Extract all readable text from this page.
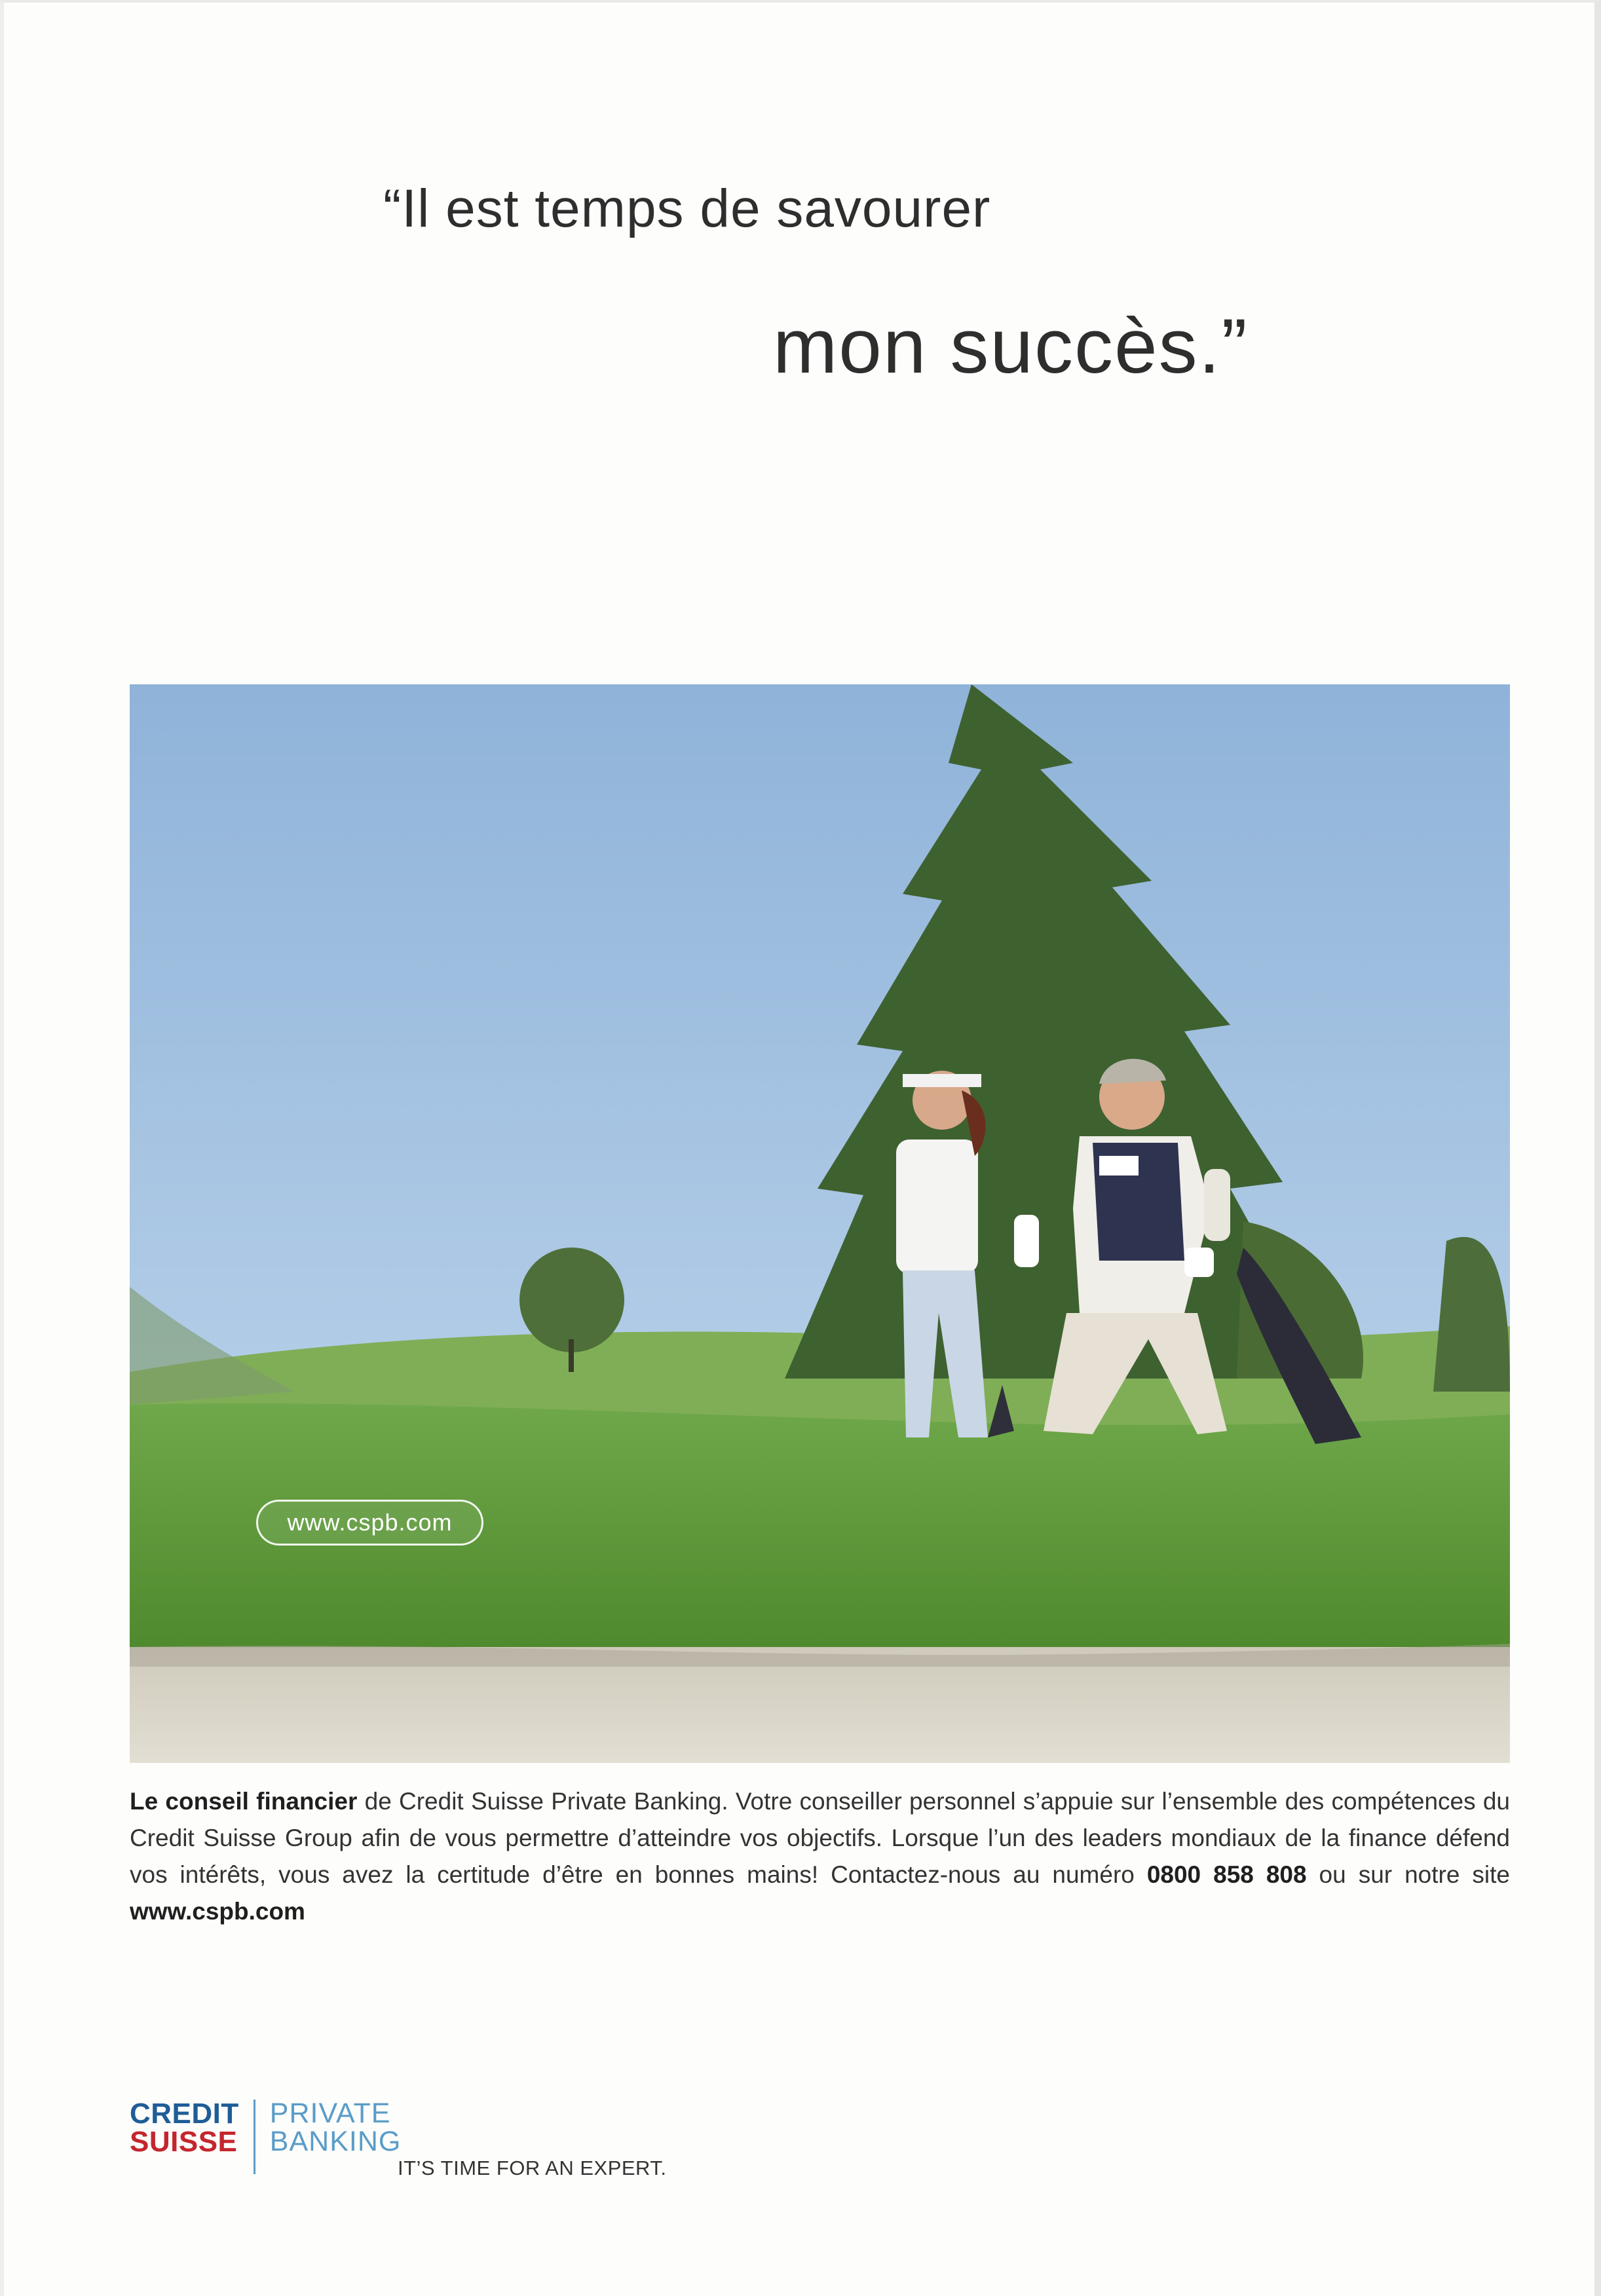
“Il est temps de savourer
mon succès.”
www.cspb.com
Le conseil financier de Credit Suisse Private Banking. Votre conseiller personnel s’appuie sur l’ensemble des compétences du Credit Suisse Group afin de vous permettre d’atteindre vos objectifs. Lorsque l’un des leaders mondiaux de la finance défend vos intérêts, vous avez la certitude d’être en bonnes mains! Contactez-nous au numéro 0800 858 808 ou sur notre site www.cspb.com
CREDIT
SUISSE
PRIVATE
BANKING
IT’S TIME FOR AN EXPERT.
